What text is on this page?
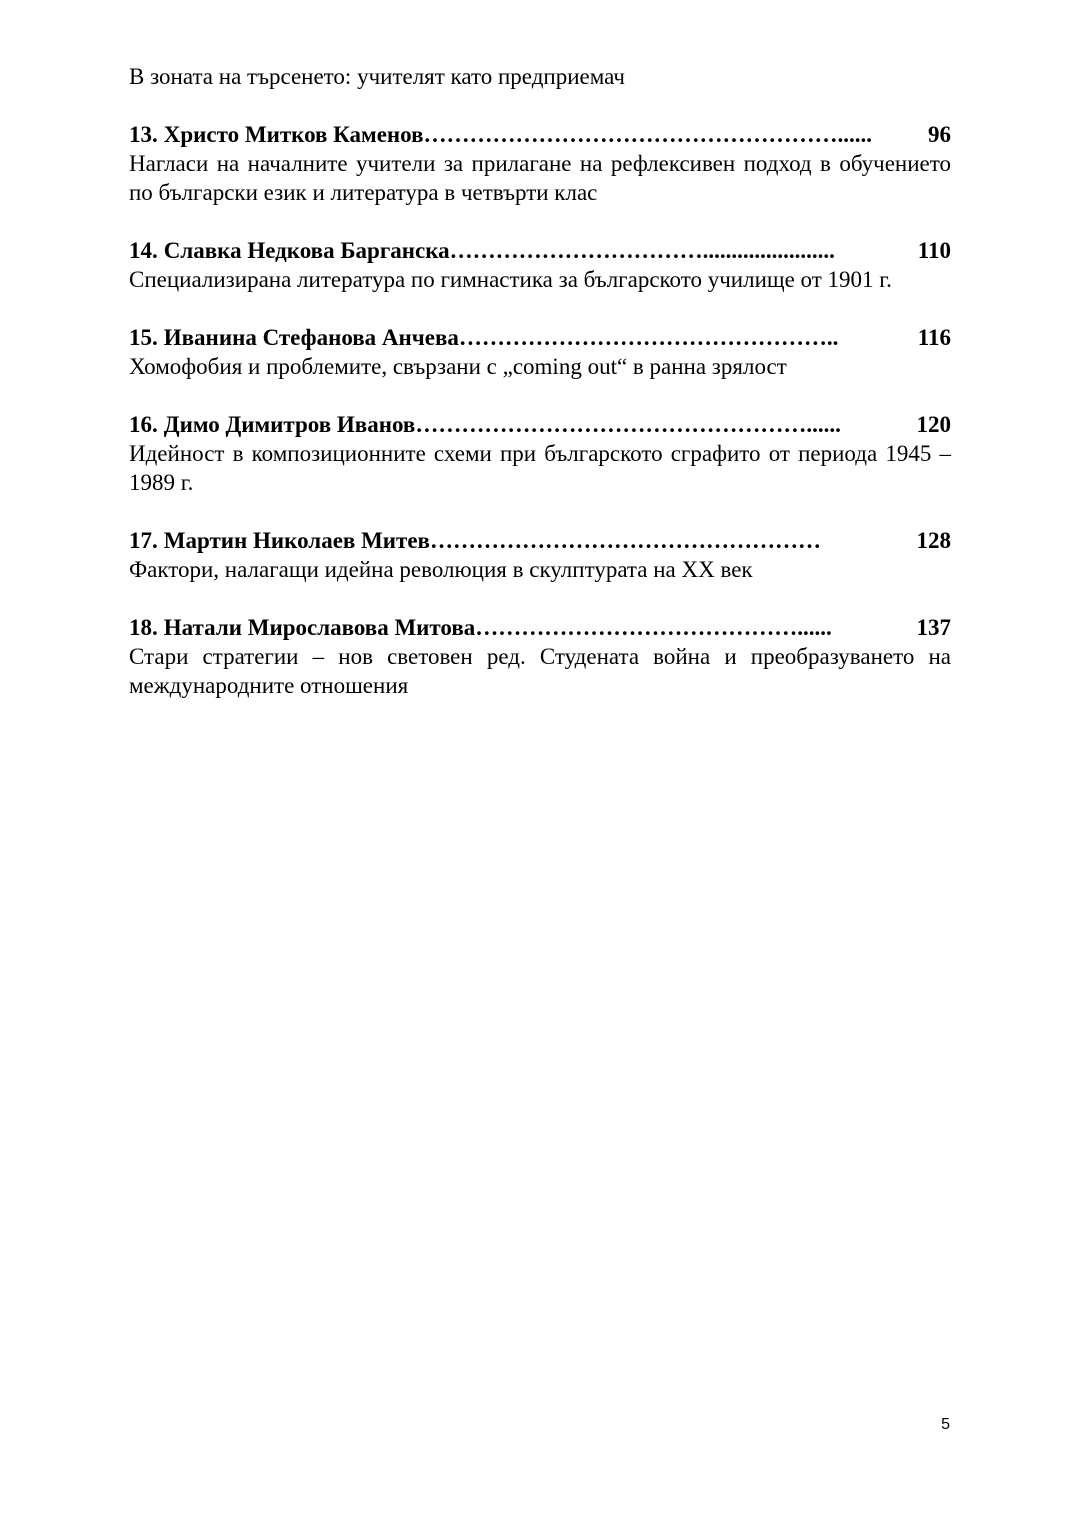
В зоната на търсенето: учителят като предприемач
13. Христо Митков Каменов ………………………………………………......	96
Нагласи на началните учители за прилагане на рефлексивен подход в обучението по български език и литература в четвърти клас
14. Славка Недкова Барганска …………………………….......................	110
Специализирана литература по гимнастика за българското училище от 1901 г.
15. Иванина Стефанова Анчева …………………………………………..	116
Хомофобия и проблемите, свързани с „coming out“ в ранна зрялост
16. Димо Димитров Иванов ……………………………………………......	120
Идейност в композиционните схеми при българското сграфито от периода 1945 – 1989 г.
17. Мартин Николаев Митев ……………………………………………	128
Фактори, налагащи идейна революция в скулптурата на XX век
18. Натали Мирославова Митова ……………………………………......	137
Стари стратегии – нов световен ред. Студената война и преобразуването на международните отношения
5
